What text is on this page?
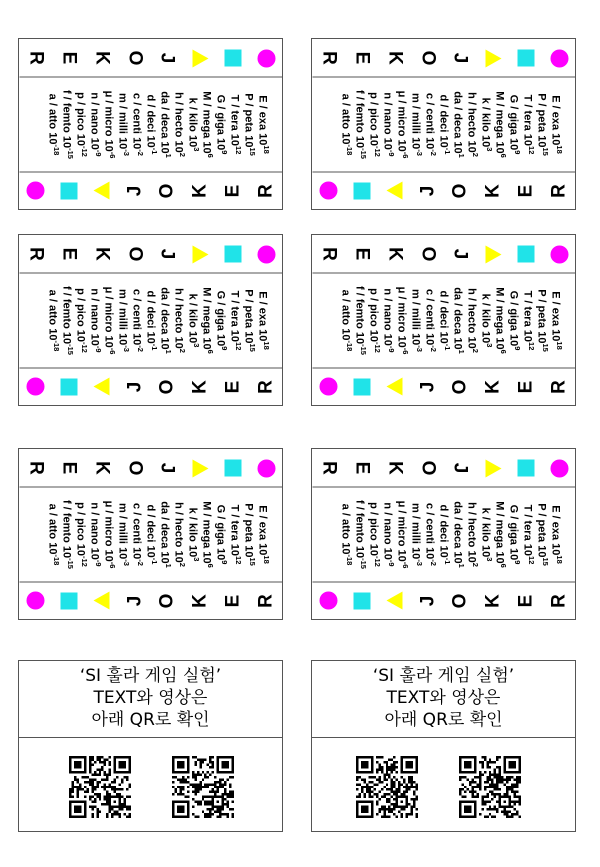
J
O
K
E
R
E / exa $10^{18}$
P / peta $10^{15}$
T / tera $10^{12}$
G / giga $10^9$
M / mega $10^6$
k / kilo $10^3$
h / hecto $10^2$
da / deca $10^1$
d / deci $10^{-1}$
c / centi $10^{-2}$
m / milli $10^{-3}$
μ / micro $10^{-6}$
n / nano $10^{-9}$
p / pico $10^{-12}$
f / femto $10^{-15}$
a / atto $10^{-18}$
J O K E R
J
O
K
E
R
E / exa $10^{18}$
P / peta $10^{15}$
T / tera $10^{12}$
G / giga $10^9$
M / mega $10^6$
k / kilo $10^3$
h / hecto $10^2$
da / deca $10^1$
d / deci $10^{-1}$
c / centi $10^{-2}$
m / milli $10^{-3}$
μ / micro $10^{-6}$
n / nano $10^{-9}$
p / pico $10^{-12}$
f / femto $10^{-15}$
a / atto $10^{-18}$
J O K E R
J
O
K
E
R
E / exa $10^{18}$
P / peta $10^{15}$
T / tera $10^{12}$
G / giga $10^9$
M / mega $10^6$
k / kilo $10^3$
h / hecto $10^2$
da / deca $10^1$
d / deci $10^{-1}$
c / centi $10^{-2}$
m / milli $10^{-3}$
μ / micro $10^{-6}$
n / nano $10^{-9}$
p / pico $10^{-12}$
f / femto $10^{-15}$
a / atto $10^{-18}$
J O K E R
J
O
K
E
R
E / exa $10^{18}$
P / peta $10^{15}$
T / tera $10^{12}$
G / giga $10^9$
M / mega $10^6$
k / kilo $10^3$
h / hecto $10^2$
da / deca $10^1$
d / deci $10^{-1}$
c / centi $10^{-2}$
m / milli $10^{-3}$
μ / micro $10^{-6}$
n / nano $10^{-9}$
p / pico $10^{-12}$
f / femto $10^{-15}$
a / atto $10^{-18}$
J O K E R
J
O
K
E
R
E / exa $10^{18}$
P / peta $10^{15}$
T / tera $10^{12}$
G / giga $10^9$
M / mega $10^6$
k / kilo $10^3$
h / hecto $10^2$
da / deca $10^1$
d / deci $10^{-1}$
c / centi $10^{-2}$
m / milli $10^{-3}$
μ / micro $10^{-6}$
n / nano $10^{-9}$
p / pico $10^{-12}$
f / femto $10^{-15}$
a / atto $10^{-18}$
J O K E R
J
O
K
E
R
E / exa $10^{18}$
P / peta $10^{15}$
T / tera $10^{12}$
G / giga $10^9$
M / mega $10^6$
k / kilo $10^3$
h / hecto $10^2$
da / deca $10^1$
d / deci $10^{-1}$
c / centi $10^{-2}$
m / milli $10^{-3}$
μ / micro $10^{-6}$
n / nano $10^{-9}$
p / pico $10^{-12}$
f / femto $10^{-15}$
a / atto $10^{-18}$
J O K E R
‘SI 훌라 게임 실험’
TEXT와 영상은
아래 QR로 확인
‘SI 훌라 게임 실험’
TEXT와 영상은
아래 QR로 확인
